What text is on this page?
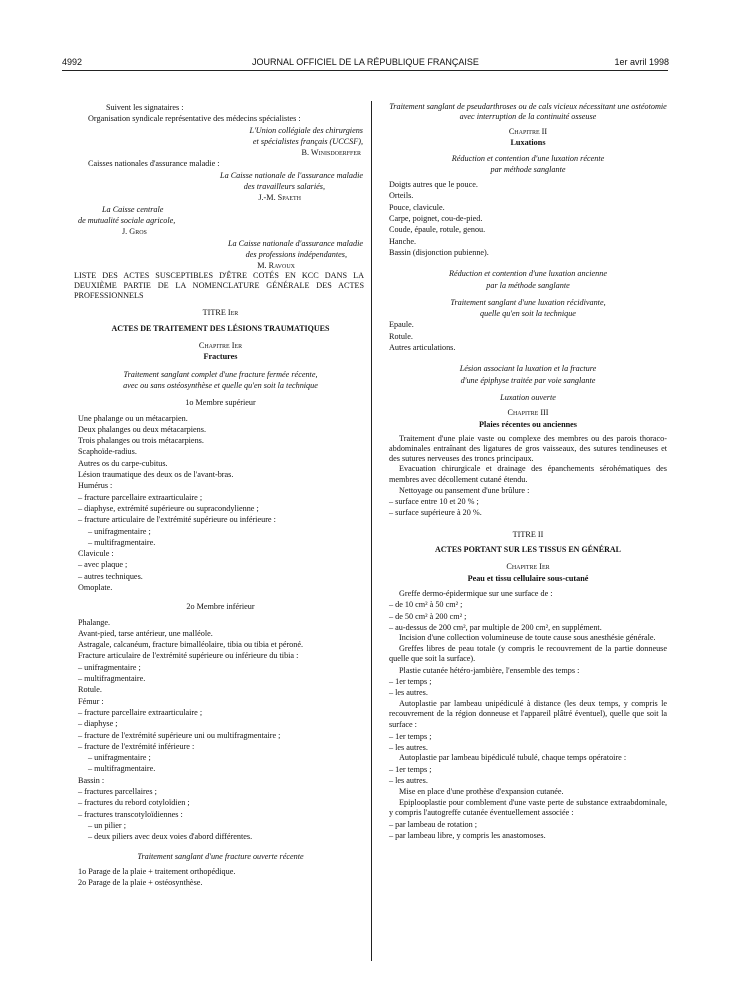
4992	JOURNAL OFFICIEL DE LA RÉPUBLIQUE FRANÇAISE	1er avril 1998
Suivent les signataires :
Organisation syndicale représentative des médecins spécialistes :
L'Union collégiale des chirurgiens
et spécialistes français (UCCSF),
B. Winisdoerffer
Caisses nationales d'assurance maladie :
La Caisse nationale de l'assurance maladie
des travailleurs salariés,
J.-M. Spaeth
La Caisse centrale
de mutualité sociale agricole,
J. Gros
La Caisse nationale d'assurance maladie
des professions indépendantes,
M. Ravoux
LISTE DES ACTES SUSCEPTIBLES D'ÊTRE COTÉS EN KCC DANS LA DEUXIÈME PARTIE DE LA NOMENCLATURE GÉNÉRALE DES ACTES PROFESSIONNELS
TITRE Ier
ACTES DE TRAITEMENT DES LÉSIONS TRAUMATIQUES
Chapitre Ier
Fractures
Traitement sanglant complet d'une fracture fermée récente,
avec ou sans ostéosynthèse et quelle qu'en soit la technique
1o Membre supérieur
Une phalange ou un métacarpien.
Deux phalanges ou deux métacarpiens.
Trois phalanges ou trois métacarpiens.
Scaphoïde-radius.
Autres os du carpe-cubitus.
Lésion traumatique des deux os de l'avant-bras.
Humérus :
– fracture parcellaire extraarticulaire ;
– diaphyse, extrémité supérieure ou supracondylienne ;
– fracture articulaire de l'extrémité supérieure ou inférieure :
– unifragmentaire ;
– multifragmentaire.
Clavicule :
– avec plaque ;
– autres techniques.
Omoplate.
2o Membre inférieur
Phalange.
Avant-pied, tarse antérieur, une malléole.
Astragale, calcanéum, fracture bimalléolaire, tibia ou tibia et péroné.
Fracture articulaire de l'extrémité supérieure ou inférieure du tibia :
– unifragmentaire ;
– multifragmentaire.
Rotule.
Fémur :
– fracture parcellaire extraarticulaire ;
– diaphyse ;
– fracture de l'extrémité supérieure uni ou multifragmentaire ;
– fracture de l'extrémité inférieure :
– unifragmentaire ;
– multifragmentaire.
Bassin :
– fractures parcellaires ;
– fractures du rebord cotyloïdien ;
– fractures transcotyloïdiennes :
– un pilier ;
– deux piliers avec deux voies d'abord différentes.
Traitement sanglant d'une fracture ouverte récente
1o Parage de la plaie + traitement orthopédique.
2o Parage de la plaie + ostéosynthèse.
Traitement sanglant de pseudarthroses ou de cals vicieux nécessitant une ostéotomie avec interruption de la continuité osseuse
Chapitre II
Luxations
Réduction et contention d'une luxation récente
par méthode sanglante
Doigts autres que le pouce.
Orteils.
Pouce, clavicule.
Carpe, poignet, cou-de-pied.
Coude, épaule, rotule, genou.
Hanche.
Bassin (disjonction pubienne).
Réduction et contention d'une luxation ancienne
par la méthode sanglante
Traitement sanglant d'une luxation récidivante,
quelle qu'en soit la technique
Epaule.
Rotule.
Autres articulations.
Lésion associant la luxation et la fracture
d'une épiphyse traitée par voie sanglante
Luxation ouverte
Chapitre III
Plaies récentes ou anciennes
Traitement d'une plaie vaste ou complexe des membres ou des parois thoraco-abdominales entraînant des ligatures de gros vaisseaux, des sutures tendineuses et des sutures nerveuses des troncs principaux.
Evacuation chirurgicale et drainage des épanchements sérohématiques des membres avec décollement cutané étendu.
Nettoyage ou pansement d'une brûlure :
– surface entre 10 et 20 % ;
– surface supérieure à 20 %.
TITRE II
ACTES PORTANT SUR LES TISSUS EN GÉNÉRAL
Chapitre Ier
Peau et tissu cellulaire sous-cutané
Greffe dermo-épidermique sur une surface de :
– de 10 cm² à 50 cm² ;
– de 50 cm² à 200 cm² ;
– au-dessus de 200 cm², par multiple de 200 cm², en supplément.
Incision d'une collection volumineuse de toute cause sous anesthésie générale.
Greffes libres de peau totale (y compris le recouvrement de la partie donneuse quelle que soit la surface).
Plastie cutanée hétéro-jambière, l'ensemble des temps :
– 1er temps ;
– les autres.
Autoplastie par lambeau unipédiculé à distance (les deux temps, y compris le recouvrement de la région donneuse et l'appareil plâtré éventuel), quelle que soit la surface :
– 1er temps ;
– les autres.
Autoplastie par lambeau bipédiculé tubulé, chaque temps opératoire :
– 1er temps ;
– les autres.
Mise en place d'une prothèse d'expansion cutanée.
Epiplooplastie pour comblement d'une vaste perte de substance extraabdominale, y compris l'autogreffe cutanée éventuellement associée :
– par lambeau de rotation ;
– par lambeau libre, y compris les anastomoses.
